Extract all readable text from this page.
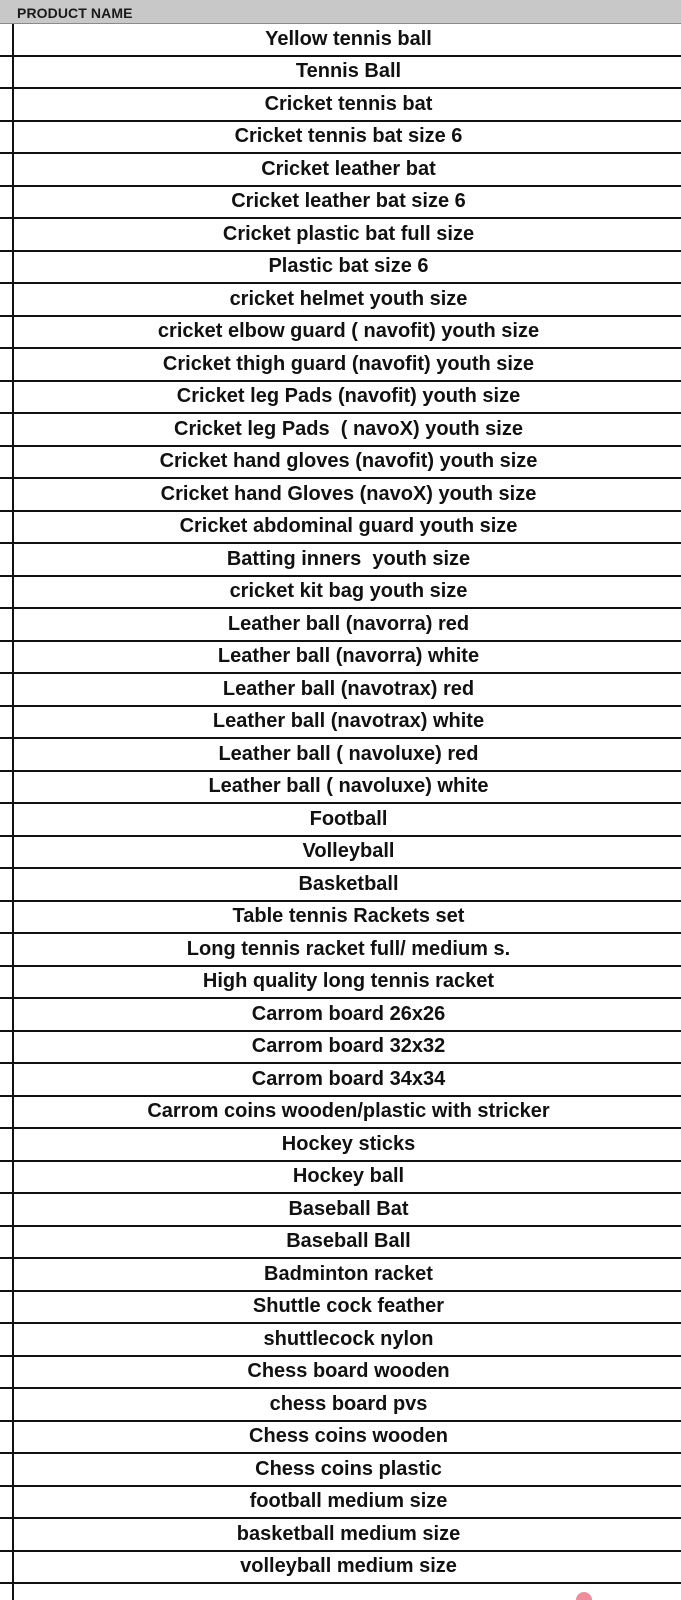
PRODUCT NAME
Yellow tennis ball
Tennis Ball
Cricket tennis bat
Cricket tennis bat size 6
Cricket leather bat
Cricket leather bat size 6
Cricket plastic bat full size
Plastic bat size 6
cricket helmet youth size
cricket elbow guard ( navofit) youth size
Cricket thigh guard (navofit) youth size
Cricket leg Pads (navofit) youth size
Cricket leg Pads  ( navoX) youth size
Cricket hand gloves (navofit) youth size
Cricket hand Gloves (navoX) youth size
Cricket abdominal guard youth size
Batting inners  youth size
cricket kit bag youth size
Leather ball (navorra) red
Leather ball (navorra) white
Leather ball (navotrax) red
Leather ball (navotrax) white
Leather ball ( navoluxe) red
Leather ball ( navoluxe) white
Football
Volleyball
Basketball
Table tennis Rackets set
Long tennis racket full/ medium s.
High quality long tennis racket
Carrom board 26x26
Carrom board 32x32
Carrom board 34x34
Carrom coins wooden/plastic with stricker
Hockey sticks
Hockey ball
Baseball Bat
Baseball Ball
Badminton racket
Shuttle cock feather
shuttlecock nylon
Chess board wooden
chess board pvs
Chess coins wooden
Chess coins plastic
football medium size
basketball medium size
volleyball medium size
